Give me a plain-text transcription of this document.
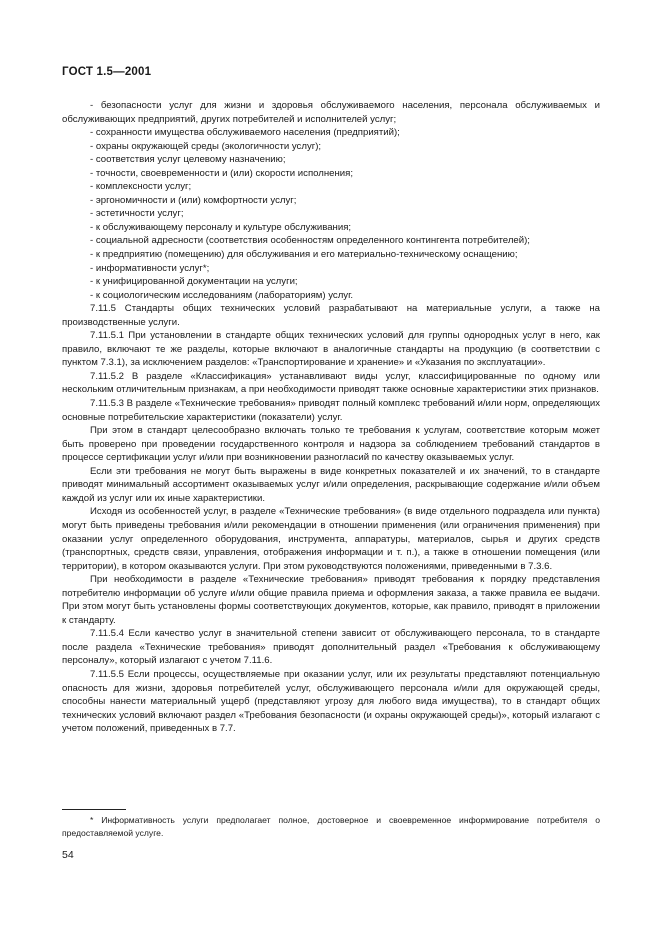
ГОСТ 1.5—2001

- безопасности услуг для жизни и здоровья обслуживаемого населения, персонала обслуживаемых и обслуживающих предприятий, других потребителей и исполнителей услуг;

- сохранности имущества обслуживаемого населения (предприятий);

- охраны окружающей среды (экологичности услуг);

- соответствия услуг целевому назначению;

- точности, своевременности и (или) скорости исполнения;

- комплексности услуг;

- эргономичности и (или) комфортности услуг;

- эстетичности услуг;

- к обслуживающему персоналу и культуре обслуживания;

- социальной адресности (соответствия особенностям определенного контингента потребителей);

- к предприятию (помещению) для обслуживания и его материально-техническому оснащению;

- информативности услуг*;

- к унифицированной документации на услуги;

- к социологическим исследованиям (лабораториям) услуг.

7.11.5 Стандарты общих технических условий разрабатывают на материальные услуги, а также на производственные услуги.

7.11.5.1 При установлении в стандарте общих технических условий для группы однородных услуг в него, как правило, включают те же разделы, которые включают в аналогичные стандарты на продукцию (в соответствии с пунктом 7.3.1), за исключением разделов: «Транспортирование и хранение» и «Указания по эксплуатации».

7.11.5.2 В разделе «Классификация» устанавливают виды услуг, классифицированные по одному или нескольким отличительным признакам, а при необходимости приводят также основные характеристики этих признаков.

7.11.5.3 В разделе «Технические требования» приводят полный комплекс требований и/или норм, определяющих основные потребительские характеристики (показатели) услуг.

При этом в стандарт целесообразно включать только те требования к услугам, соответствие которым может быть проверено при проведении государственного контроля и надзора за соблюдением требований стандартов в процессе сертификации услуг и/или при возникновении разногласий по качеству оказываемых услуг.

Если эти требования не могут быть выражены в виде конкретных показателей и их значений, то в стандарте приводят минимальный ассортимент оказываемых услуг и/или определения, раскрывающие содержание и/или объем каждой из услуг или их иные характеристики.

Исходя из особенностей услуг, в разделе «Технические требования» (в виде отдельного подраздела или пункта) могут быть приведены требования и/или рекомендации в отношении применения (или ограничения применения) при оказании услуг определенного оборудования, инструмента, аппаратуры, материалов, сырья и других средств (транспортных, средств связи, управления, отображения информации и т. п.), а также в отношении помещения (или территории), в котором оказываются услуги. При этом руководствуются положениями, приведенными в 7.3.6.

При необходимости в разделе «Технические требования» приводят требования к порядку представления потребителю информации об услуге и/или общие правила приема и оформления заказа, а также правила ее выдачи. При этом могут быть установлены формы соответствующих документов, которые, как правило, приводят в приложении к стандарту.

7.11.5.4 Если качество услуг в значительной степени зависит от обслуживающего персонала, то в стандарте после раздела «Технические требования» приводят дополнительный раздел «Требования к обслуживающему персоналу», который излагают с учетом 7.11.6.

7.11.5.5 Если процессы, осуществляемые при оказании услуг, или их результаты представляют потенциальную опасность для жизни, здоровья потребителей услуг, обслуживающего персонала и/или для окружающей среды, способны нанести материальный ущерб (представляют угрозу для любого вида имущества), то в стандарт общих технических условий включают раздел «Требования безопасности (и охраны окружающей среды)», который излагают с учетом положений, приведенных в 7.7.

* Информативность услуги предполагает полное, достоверное и своевременное информирование потребителя о предоставляемой услуге.
54
